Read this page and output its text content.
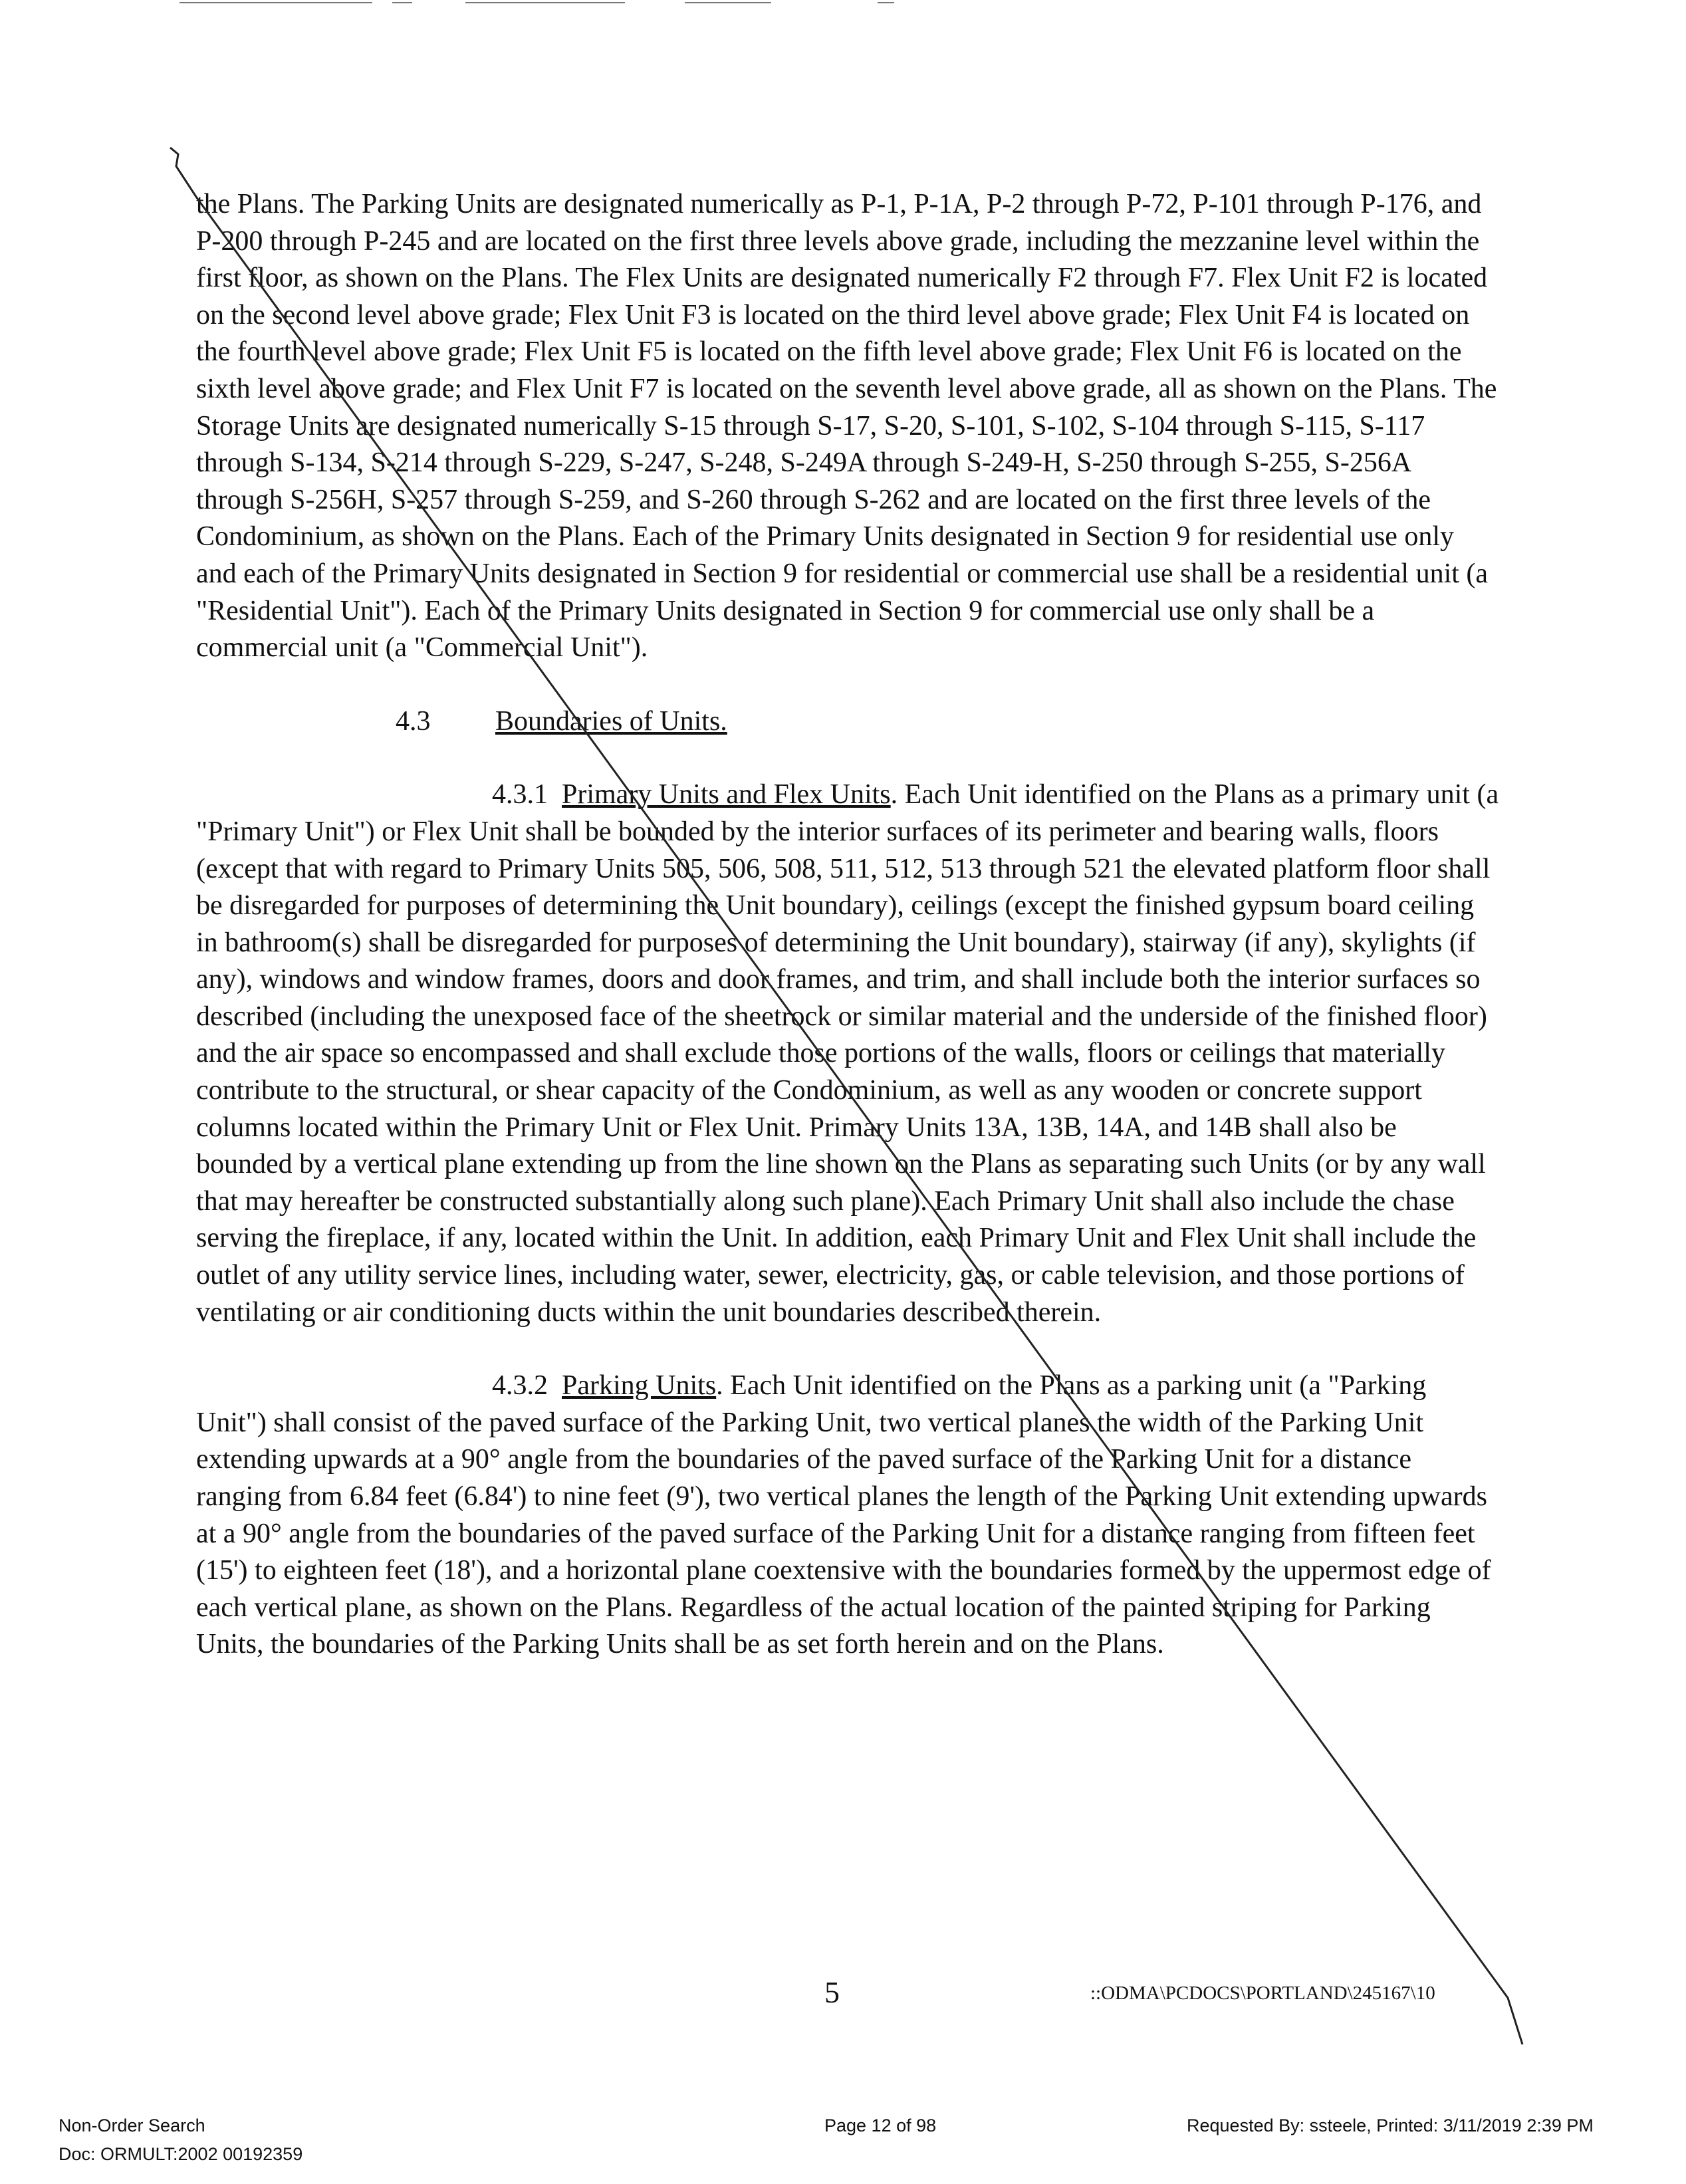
the Plans. The Parking Units are designated numerically as P-1, P-1A, P-2 through P-72, P-101 through P-176, and P-200 through P-245 and are located on the first three levels above grade, including the mezzanine level within the first floor, as shown on the Plans. The Flex Units are designated numerically F2 through F7. Flex Unit F2 is located on the second level above grade; Flex Unit F3 is located on the third level above grade; Flex Unit F4 is located on the fourth level above grade; Flex Unit F5 is located on the fifth level above grade; Flex Unit F6 is located on the sixth level above grade; and Flex Unit F7 is located on the seventh level above grade, all as shown on the Plans. The Storage Units are designated numerically S-15 through S-17, S-20, S-101, S-102, S-104 through S-115, S-117 through S-134, S-214 through S-229, S-247, S-248, S-249A through S-249-H, S-250 through S-255, S-256A through S-256H, S-257 through S-259, and S-260 through S-262 and are located on the first three levels of the Condominium, as shown on the Plans. Each of the Primary Units designated in Section 9 for residential use only and each of the Primary Units designated in Section 9 for residential or commercial use shall be a residential unit (a "Residential Unit"). Each of the Primary Units designated in Section 9 for commercial use only shall be a commercial unit (a "Commercial Unit").

4.3 Boundaries of Units.

4.3.1 Primary Units and Flex Units. Each Unit identified on the Plans as a primary unit (a "Primary Unit") or Flex Unit shall be bounded by the interior surfaces of its perimeter and bearing walls, floors (except that with regard to Primary Units 505, 506, 508, 511, 512, 513 through 521 the elevated platform floor shall be disregarded for purposes of determining the Unit boundary), ceilings (except the finished gypsum board ceiling in bathroom(s) shall be disregarded for purposes of determining the Unit boundary), stairway (if any), skylights (if any), windows and window frames, doors and door frames, and trim, and shall include both the interior surfaces so described (including the unexposed face of the sheetrock or similar material and the underside of the finished floor) and the air space so encompassed and shall exclude those portions of the walls, floors or ceilings that materially contribute to the structural, or shear capacity of the Condominium, as well as any wooden or concrete support columns located within the Primary Unit or Flex Unit. Primary Units 13A, 13B, 14A, and 14B shall also be bounded by a vertical plane extending up from the line shown on the Plans as separating such Units (or by any wall that may hereafter be constructed substantially along such plane). Each Primary Unit shall also include the chase serving the fireplace, if any, located within the Unit. In addition, each Primary Unit and Flex Unit shall include the outlet of any utility service lines, including water, sewer, electricity, gas, or cable television, and those portions of ventilating or air conditioning ducts within the unit boundaries described therein.

4.3.2 Parking Units. Each Unit identified on the Plans as a parking unit (a "Parking Unit") shall consist of the paved surface of the Parking Unit, two vertical planes the width of the Parking Unit extending upwards at a 90° angle from the boundaries of the paved surface of the Parking Unit for a distance ranging from 6.84 feet (6.84') to nine feet (9'), two vertical planes the length of the Parking Unit extending upwards at a 90° angle from the boundaries of the paved surface of the Parking Unit for a distance ranging from fifteen feet (15') to eighteen feet (18'), and a horizontal plane coextensive with the boundaries formed by the uppermost edge of each vertical plane, as shown on the Plans. Regardless of the actual location of the painted striping for Parking Units, the boundaries of the Parking Units shall be as set forth herein and on the Plans.

5	::ODMA\PCDOCS\PORTLAND\245167\10
Non-Order Search
Doc: ORMULT:2002 00192359
Page 12 of 98	Requested By: ssteele, Printed: 3/11/2019 2:39 PM
